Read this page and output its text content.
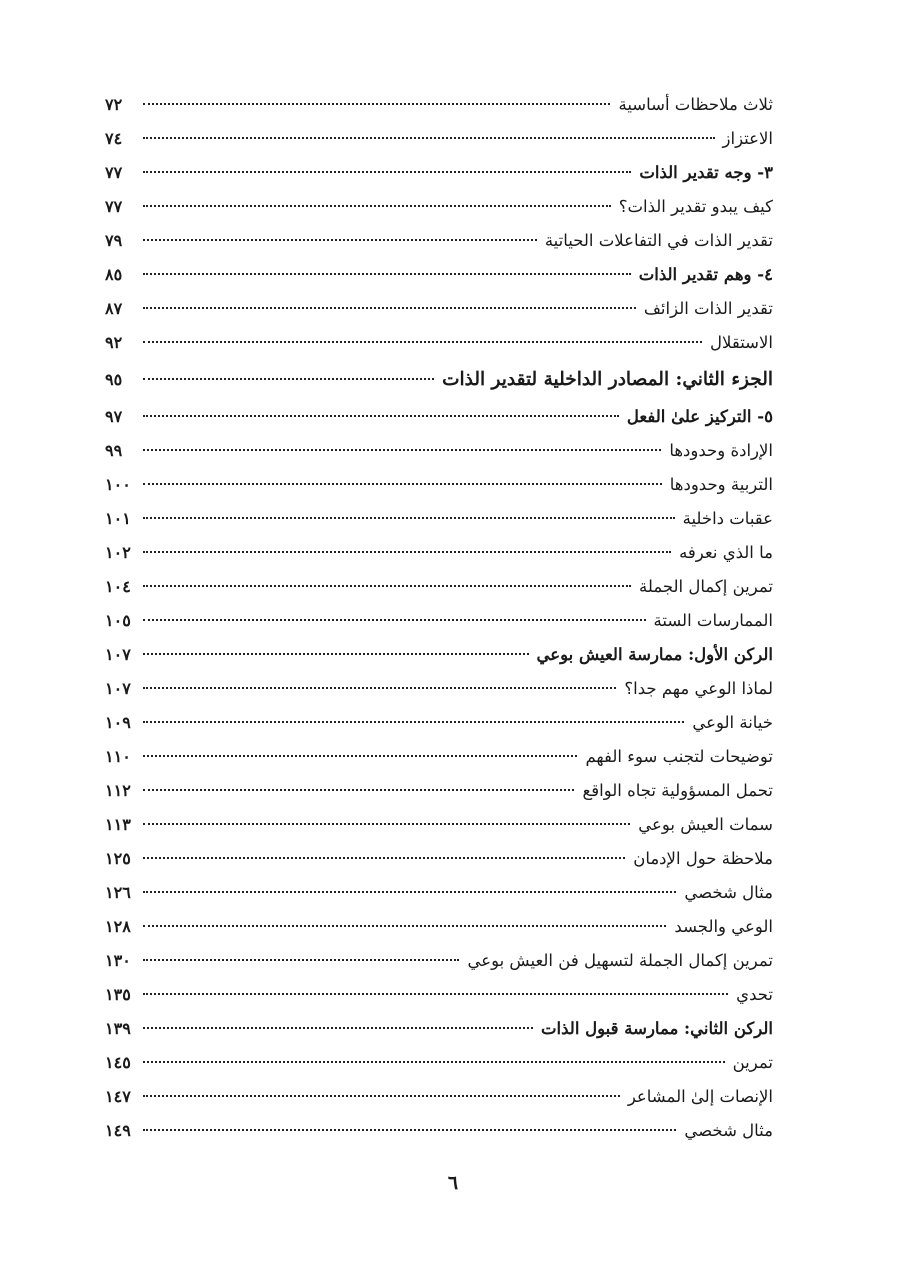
ثلاث ملاحظات أساسية
٧٢
الاعتزاز
٧٤
٣- وجه تقدير الذات
٧٧
كيف يبدو تقدير الذات؟
٧٧
تقدير الذات في التفاعلات الحياتية
٧٩
٤- وهم تقدير الذات
٨٥
تقدير الذات الزائف
٨٧
الاستقلال
٩٢
الجزء الثاني: المصادر الداخلية لتقدير الذات
٩٥
٥- التركيز علىٰ الفعل
٩٧
الإرادة وحدودها
٩٩
التربية وحدودها
١٠٠
عقبات داخلية
١٠١
ما الذي نعرفه
١٠٢
تمرين إكمال الجملة
١٠٤
الممارسات الستة
١٠٥
الركن الأول: ممارسة العيش بوعي
١٠٧
لماذا الوعي مهم جدا؟
١٠٧
خيانة الوعي
١٠٩
توضيحات لتجنب سوء الفهم
١١٠
تحمل المسؤولية تجاه الواقع
١١٢
سمات العيش بوعي
١١٣
ملاحظة حول الإدمان
١٢٥
مثال شخصي
١٢٦
الوعي والجسد
١٢٨
تمرين إكمال الجملة لتسهيل فن العيش بوعي
١٣٠
تحدي
١٣٥
الركن الثاني: ممارسة قبول الذات
١٣٩
تمرين
١٤٥
الإنصات إلىٰ المشاعر
١٤٧
مثال شخصي
١٤٩
٦
